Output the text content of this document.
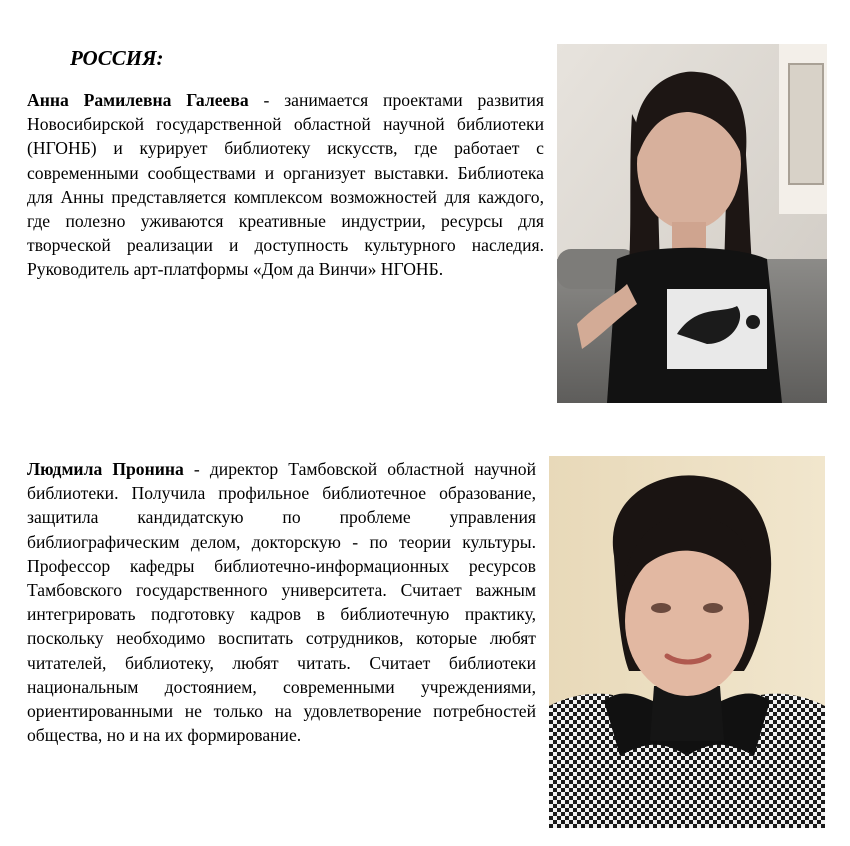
РОССИЯ:

Анна Рамилевна Галеева - занимается проектами развития Новосибирской государственной областной научной библиотеки (НГОНБ) и курирует библиотеку искусств, где работает с современными сообществами и организует выставки. Библиотека для Анны представляется комплексом возможностей для каждого, где полезно уживаются креативные индустрии, ресурсы для творческой реализации и доступность культурного наследия. Руководитель арт-платформы «Дом да Винчи» НГОНБ.

Людмила Пронина - директор Тамбовской областной научной библиотеки. Получила профильное библиотечное образование, защитила кандидатскую по проблеме управления библиографическим делом, докторскую - по теории культуры. Профессор кафедры библиотечно-информационных ресурсов Тамбовского государственного университета. Считает важным интегрировать подготовку кадров в библиотечную практику, поскольку необходимо воспитать сотрудников, которые любят читателей, библиотеку, любят читать. Считает библиотеки национальным достоянием, современными учреждениями, ориентированными не только на удовлетворение потребностей общества, но и на их формирование.
